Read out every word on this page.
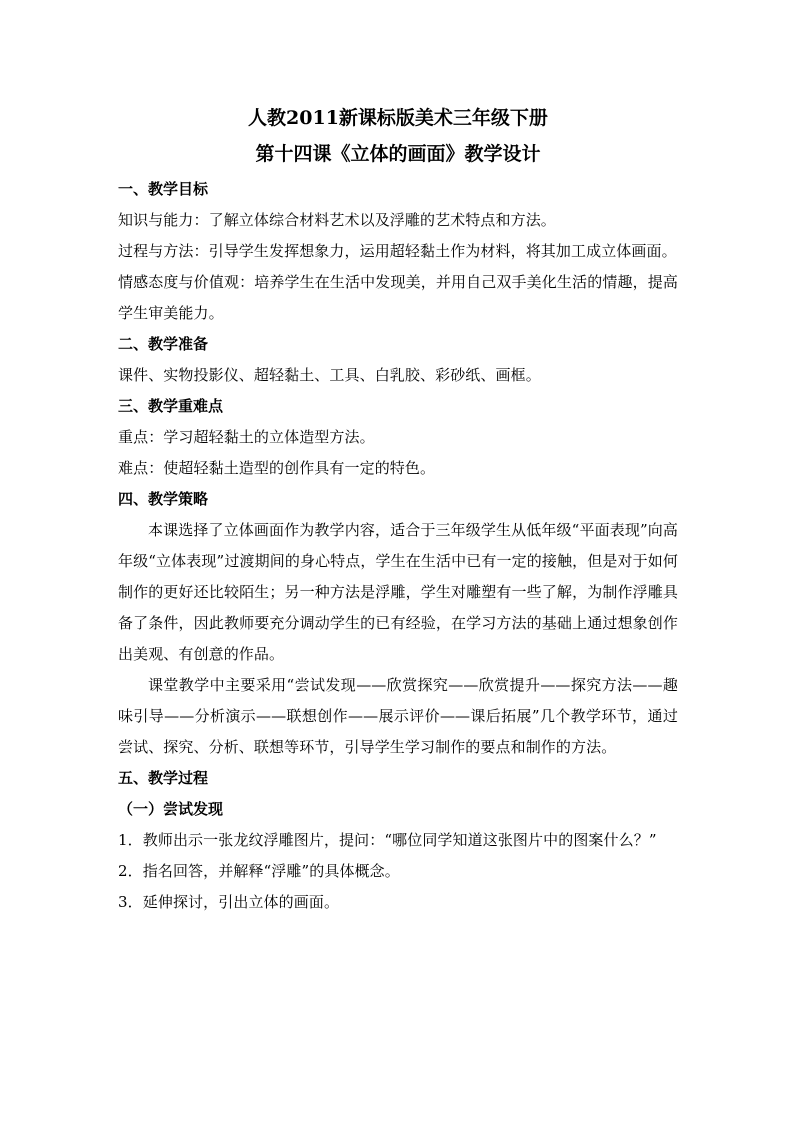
人教2011新课标版美术三年级下册

第十四课《立体的画面》教学设计

一、教学目标

知识与能力：了解立体综合材料艺术以及浮雕的艺术特点和方法。

过程与方法：引导学生发挥想象力，运用超轻黏土作为材料，将其加工成立体画面。

情感态度与价值观：培养学生在生活中发现美，并用自己双手美化生活的情趣，提高学生审美能力。

二、教学准备

课件、实物投影仪、超轻黏土、工具、白乳胶、彩砂纸、画框。

三、教学重难点

重点：学习超轻黏土的立体造型方法。

难点：使超轻黏土造型的创作具有一定的特色。

四、教学策略

本课选择了立体画面作为教学内容，适合于三年级学生从低年级“平面表现”向高年级“立体表现”过渡期间的身心特点，学生在生活中已有一定的接触，但是对于如何制作的更好还比较陌生；另一种方法是浮雕，学生对雕塑有一些了解，为制作浮雕具备了条件，因此教师要充分调动学生的已有经验，在学习方法的基础上通过想象创作出美观、有创意的作品。

课堂教学中主要采用“尝试发现——欣赏探究——欣赏提升——探究方法——趣味引导——分析演示——联想创作——展示评价——课后拓展”几个教学环节，通过尝试、探究、分析、联想等环节，引导学生学习制作的要点和制作的方法。

五、教学过程

（一）尝试发现

1．教师出示一张龙纹浮雕图片，提问：“哪位同学知道这张图片中的图案什么？”

2．指名回答，并解释“浮雕”的具体概念。

3．延伸探讨，引出立体的画面。
